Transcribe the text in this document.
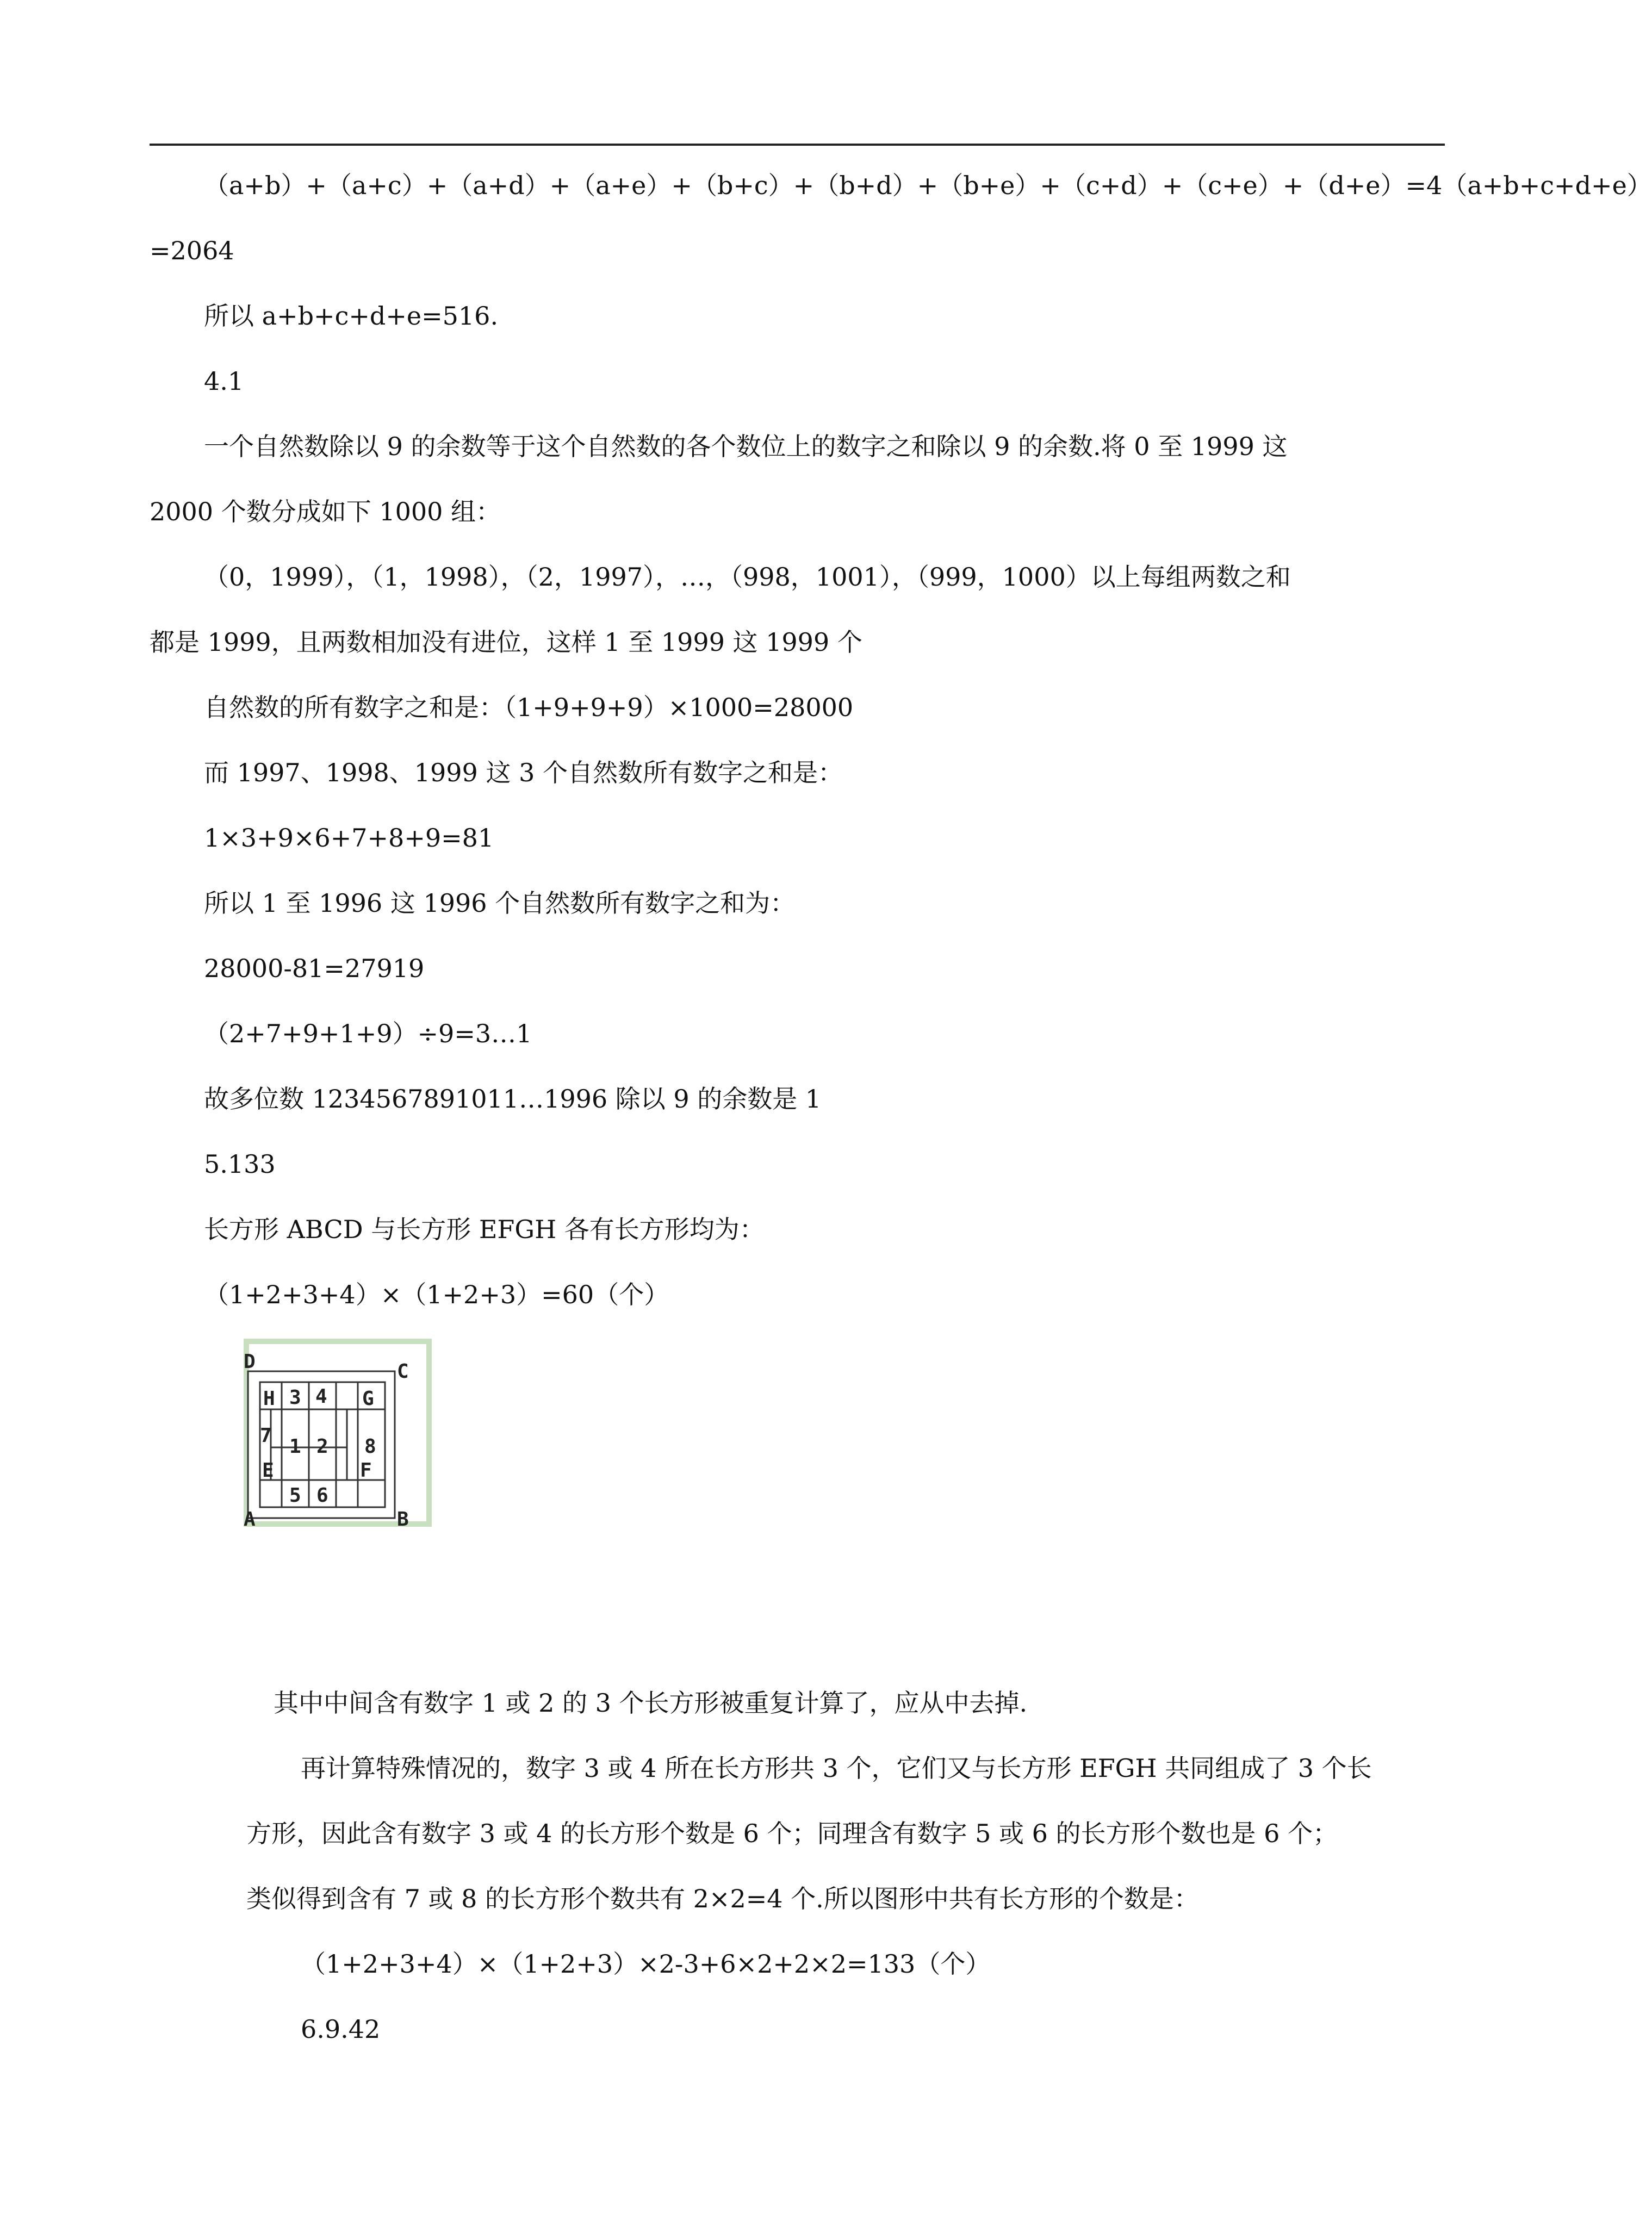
（a+b）+（a+c）+（a+d）+（a+e）+（b+c）+（b+d）+（b+e）+（c+d）+（c+e）+（d+e）=4（a+b+c+d+e）
=2064
所以 a+b+c+d+e=516.
4.1
一个自然数除以 9 的余数等于这个自然数的各个数位上的数字之和除以 9 的余数.将 0 至 1999 这
2000 个数分成如下 1000 组：
（0，1999），（1，1998），（2，1997），…，（998，1001），（999，1000）以上每组两数之和
都是 1999，且两数相加没有进位，这样 1 至 1999 这 1999 个
自然数的所有数字之和是：（1+9+9+9）×1000=28000
而 1997、1998、1999 这 3 个自然数所有数字之和是：
1×3+9×6+7+8+9=81
所以 1 至 1996 这 1996 个自然数所有数字之和为：
28000-81=27919
（2+7+9+1+9）÷9=3…1
故多位数 1234567891011…1996 除以 9 的余数是 1
5.133
长方形 ABCD 与长方形 EFGH 各有长方形均为：
（1+2+3+4）×（1+2+3）=60（个）
D	C
A	B
H	G
E	F
3 4
7 1 2 8
5 6
其中中间含有数字 1 或 2 的 3 个长方形被重复计算了，应从中去掉.
再计算特殊情况的，数字 3 或 4 所在长方形共 3 个，它们又与长方形 EFGH 共同组成了 3 个长
方形，因此含有数字 3 或 4 的长方形个数是 6 个；同理含有数字 5 或 6 的长方形个数也是 6 个；
类似得到含有 7 或 8 的长方形个数共有 2×2=4 个.所以图形中共有长方形的个数是：
（1+2+3+4）×（1+2+3）×2-3+6×2+2×2=133（个）
6.9.42
